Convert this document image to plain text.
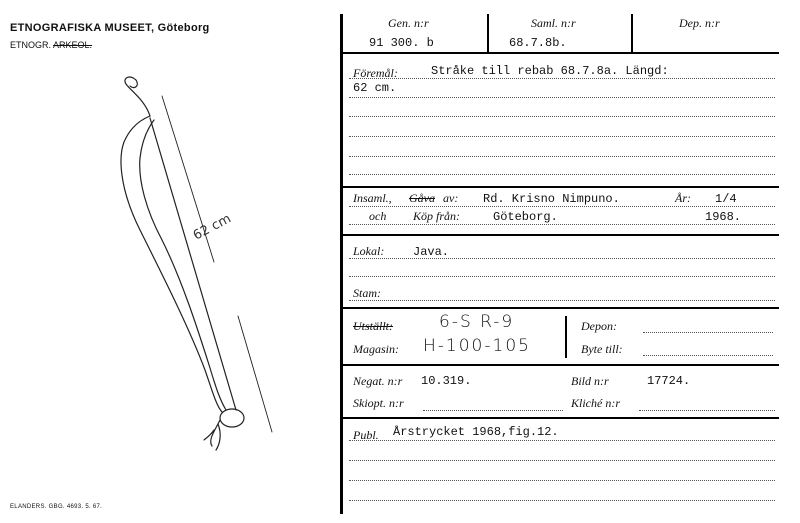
ETNOGRAFISKA MUSEET, Göteborg
ETNOGR. ARKEOL.
62 cm
ELANDERS. GBG. 4693. 5. 67.
Gen. n:r
91 300. b
Saml. n:r
68.7.8b.
Dep. n:r
Föremål:	Stråke till rebab 68.7.8a. Längd:
62 cm.
Insaml., Gåva av: Rd. Krisno Nimpuno.	År: 1/4
och Köp från:	Göteborg.	1968.
Lokal: Java.
Stam:
Utställt:	6-S R-9
Magasin: H-100-105
Depon:
Byte till:
Negat. n:r 10.319.	Bild n:r	17724.
Skiopt. n:r	Kliché n:r
Publ. Årstrycket 1968,fig.12.
